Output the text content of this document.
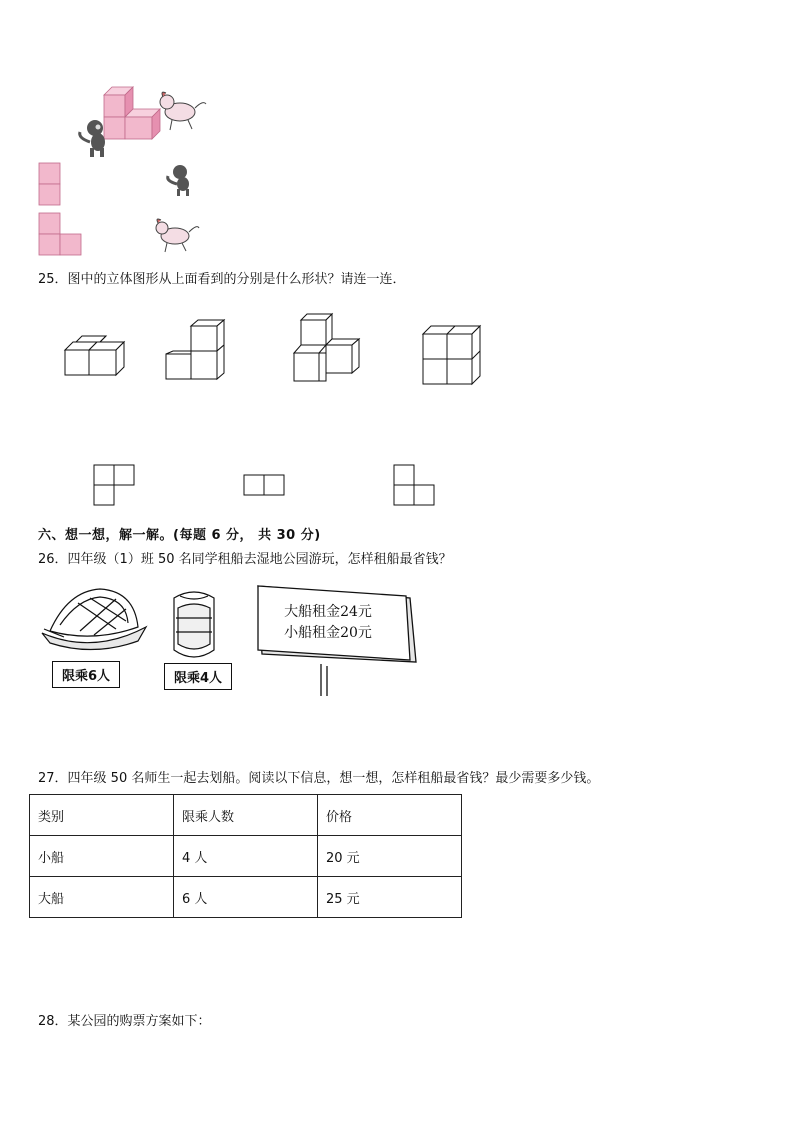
25．图中的立体图形从上面看到的分别是什么形状？请连一连．
六、想一想，解一解。(每题 6 分， 共 30 分)
26．四年级（1）班 50 名同学租船去湿地公园游玩，怎样租船最省钱？
限乘6人	限乘4人
大船租金24元
小船租金20元
27．四年级 50 名师生一起去划船。阅读以下信息，想一想，怎样租船最省钱？最少需要多少钱。
类别	限乘人数	价格
小船	4 人	20 元
大船	6 人	25 元
28．某公园的购票方案如下：
